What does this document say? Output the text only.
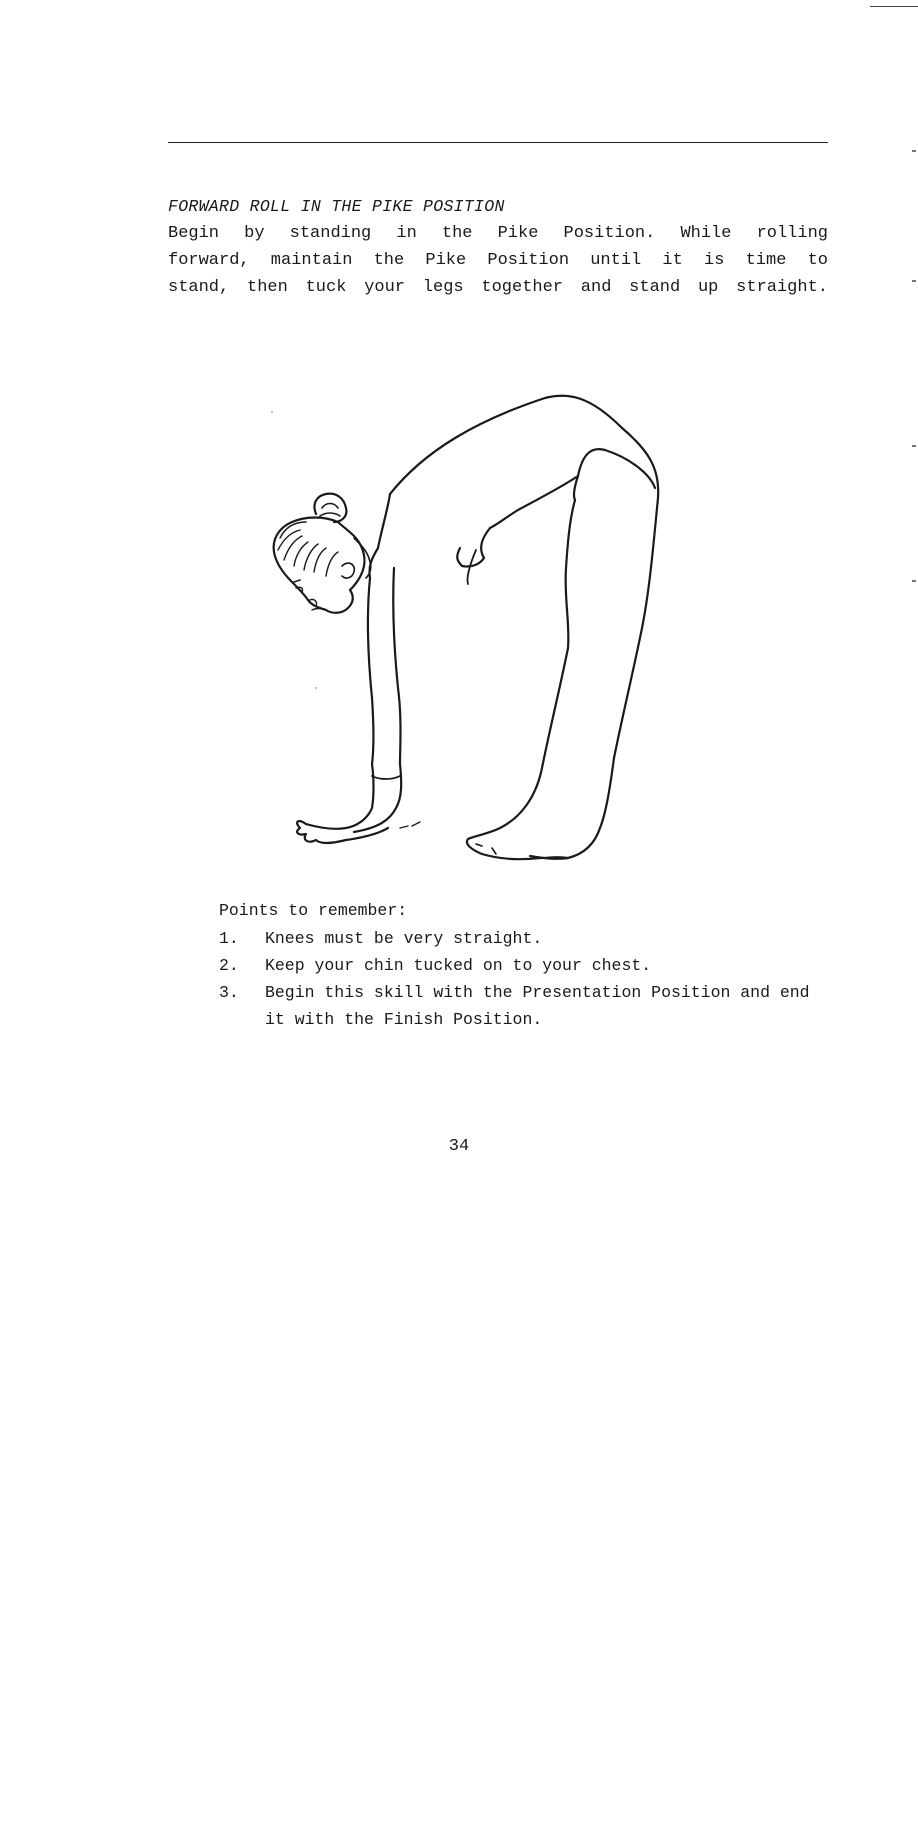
FORWARD ROLL IN THE PIKE POSITION
Begin by standing in the Pike Position. While rolling
forward, maintain the Pike Position until it is time to
stand, then tuck your legs together and stand up straight.
Points to remember:
1. Knees must be very straight.
2. Keep your chin tucked on to your chest.
3. Begin this skill with the Presentation Position and end it with the Finish Position.
34
